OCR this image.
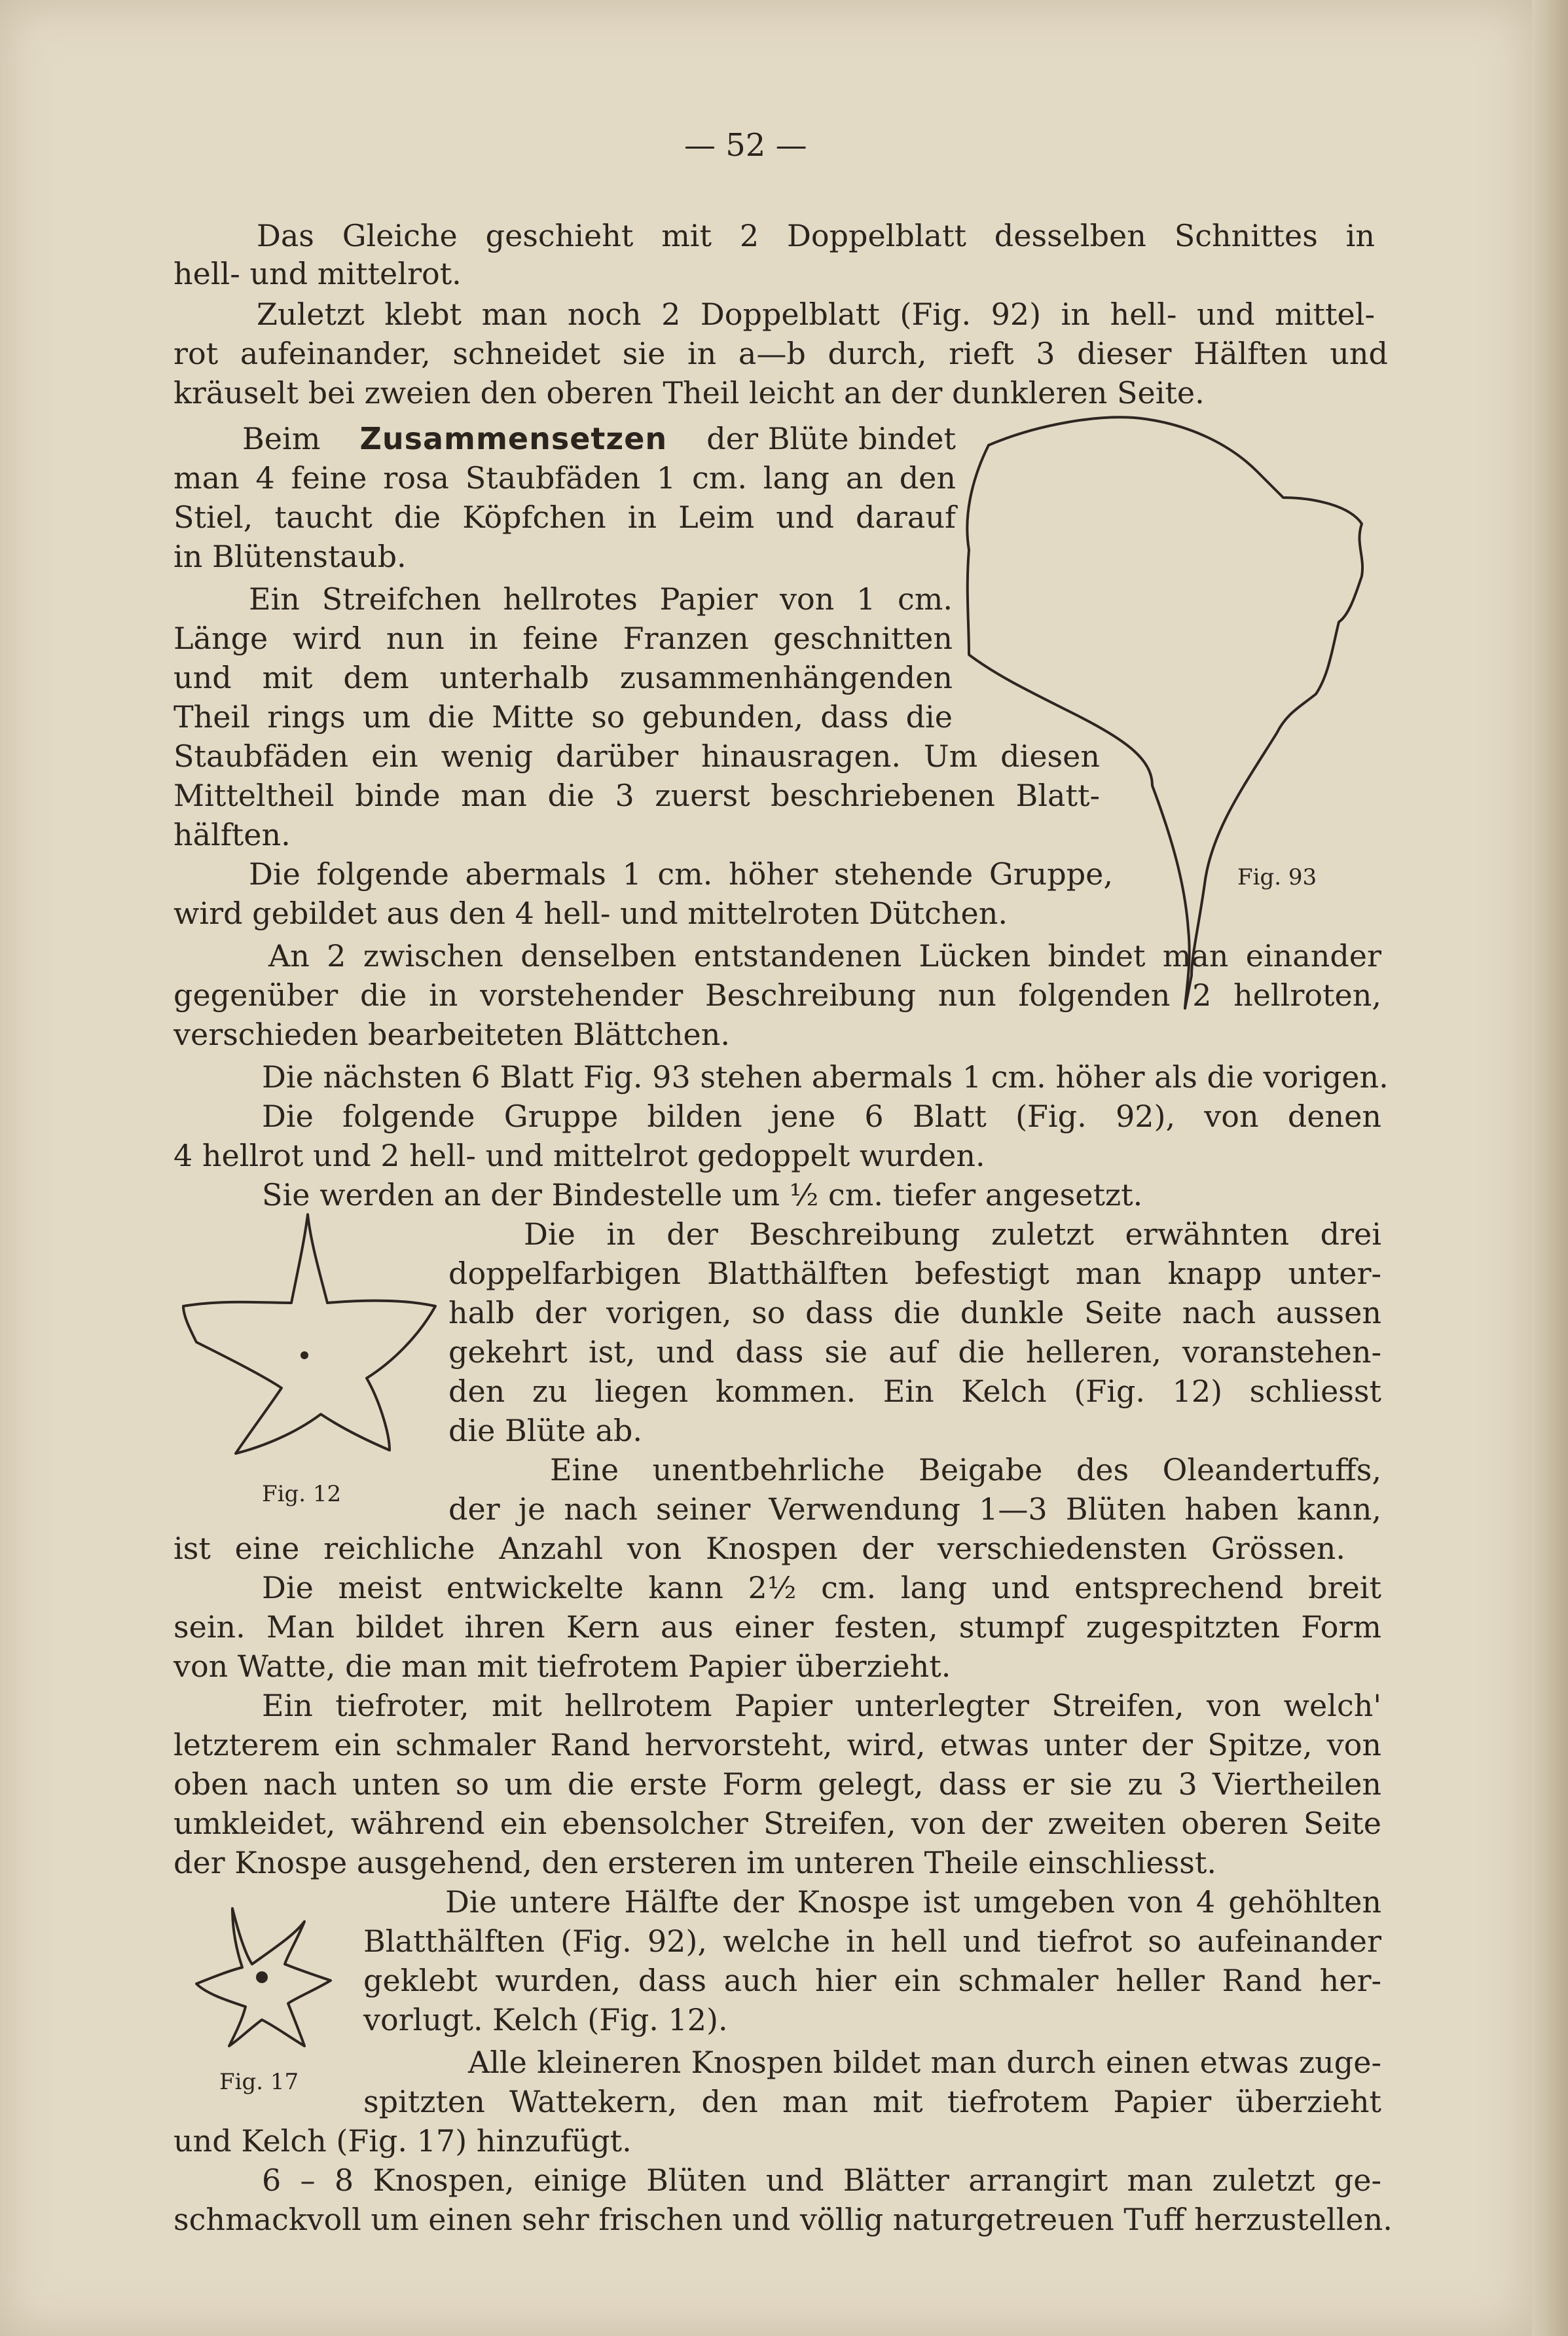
— 52 —
Das Gleiche geschieht mit 2 Doppelblatt desselben Schnittes in
hell- und mittelrot.
Zuletzt klebt man noch 2 Doppelblatt (Fig. 92) in hell- und mittel-
rot aufeinander, schneidet sie in a—b durch, rieft 3 dieser Hälften und
kräuselt bei zweien den oberen Theil leicht an der dunkleren Seite.
Beim Zusammensetzen der Blüte bindet
man 4 feine rosa Staubfäden 1 cm. lang an den
Stiel, taucht die Köpfchen in Leim und darauf
in Blütenstaub.
Ein Streifchen hellrotes Papier von 1 cm.
Länge wird nun in feine Franzen geschnitten
und mit dem unterhalb zusammenhängenden
Theil rings um die Mitte so gebunden, dass die
Staubfäden ein wenig darüber hinausragen. Um diesen
Mitteltheil binde man die 3 zuerst beschriebenen Blatt-
hälften.
Die folgende abermals 1 cm. höher stehende Gruppe,
wird gebildet aus den 4 hell- und mittelroten Dütchen.
An 2 zwischen denselben entstandenen Lücken bindet man einander
gegenüber die in vorstehender Beschreibung nun folgenden 2 hellroten,
verschieden bearbeiteten Blättchen.
Die nächsten 6 Blatt Fig. 93 stehen abermals 1 cm. höher als die vorigen.
Die folgende Gruppe bilden jene 6 Blatt (Fig. 92), von denen
4 hellrot und 2 hell- und mittelrot gedoppelt wurden.
Sie werden an der Bindestelle um ½ cm. tiefer angesetzt.
Die in der Beschreibung zuletzt erwähnten drei
doppelfarbigen Blatthälften befestigt man knapp unter-
halb der vorigen, so dass die dunkle Seite nach aussen
gekehrt ist, und dass sie auf die helleren, voranstehen-
den zu liegen kommen. Ein Kelch (Fig. 12) schliesst
die Blüte ab.
Eine unentbehrliche Beigabe des Oleandertuffs,
der je nach seiner Verwendung 1—3 Blüten haben kann,
ist eine reichliche Anzahl von Knospen der verschiedensten Grössen.
Die meist entwickelte kann 2½ cm. lang und entsprechend breit
sein. Man bildet ihren Kern aus einer festen, stumpf zugespitzten Form
von Watte, die man mit tiefrotem Papier überzieht.
Ein tiefroter, mit hellrotem Papier unterlegter Streifen, von welch'
letzterem ein schmaler Rand hervorsteht, wird, etwas unter der Spitze, von
oben nach unten so um die erste Form gelegt, dass er sie zu 3 Viertheilen
umkleidet, während ein ebensolcher Streifen, von der zweiten oberen Seite
der Knospe ausgehend, den ersteren im unteren Theile einschliesst.
Die untere Hälfte der Knospe ist umgeben von 4 gehöhlten
Blatthälften (Fig. 92), welche in hell und tiefrot so aufeinander
geklebt wurden, dass auch hier ein schmaler heller Rand her-
vorlugt. Kelch (Fig. 12).
Alle kleineren Knospen bildet man durch einen etwas zuge-
spitzten Wattekern, den man mit tiefrotem Papier überzieht
und Kelch (Fig. 17) hinzufügt.
6 – 8 Knospen, einige Blüten und Blätter arrangirt man zuletzt ge-
schmackvoll um einen sehr frischen und völlig naturgetreuen Tuff herzustellen.
Fig. 93
Fig. 12
Fig. 17
